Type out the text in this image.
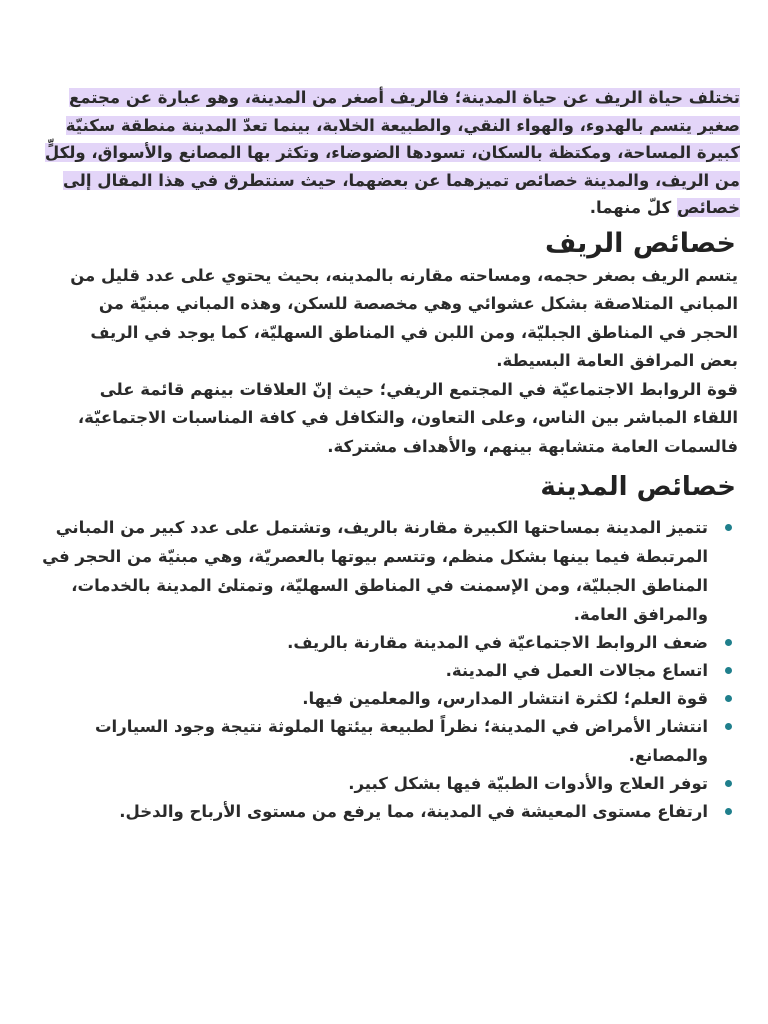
تختلف حياة الريف عن حياة المدينة؛ فالريف أصغر من المدينة، وهو عبارة عن مجتمع صغير يتسم بالهدوء، والهواء النقي، والطبيعة الخلابة، بينما تعدّ المدينة منطقة سكنيّة كبيرة المساحة، ومكتظة بالسكان، تسودها الضوضاء، وتكثر بها المصانع والأسواق، ولكلٍّ من الريف، والمدينة خصائص تميزهما عن بعضهما، حيث سنتطرق في هذا المقال إلى خصائص كلّ منهما.

خصائص الريف

يتسم الريف بصغر حجمه، ومساحته مقارنه بالمدينه، بحيث يحتوي على عدد قليل من المباني المتلاصقة بشكل عشوائي وهي مخصصة للسكن، وهذه المباني مبنيّة من الحجر في المناطق الجبليّة، ومن اللبن في المناطق السهليّة، كما يوجد في الريف بعض المرافق العامة البسيطة.

قوة الروابط الاجتماعيّة في المجتمع الريفي؛ حيث إنّ العلاقات بينهم قائمة على اللقاء المباشر بين الناس، وعلى التعاون، والتكافل في كافة المناسبات الاجتماعيّة، فالسمات العامة متشابهة بينهم، والأهداف مشتركة.

خصائص المدينة
تتميز المدينة بمساحتها الكبيرة مقارنة بالريف، وتشتمل على عدد كبير من المباني المرتبطة فيما بينها بشكل منظم، وتتسم بيوتها بالعصريّة، وهي مبنيّة من الحجر في المناطق الجبليّة، ومن الإسمنت في المناطق السهليّة، وتمتلئ المدينة بالخدمات، والمرافق العامة.
ضعف الروابط الاجتماعيّة في المدينة مقارنة بالريف.
اتساع مجالات العمل في المدينة.
قوة العلم؛ لكثرة انتشار المدارس، والمعلمين فيها.
انتشار الأمراض في المدينة؛ نظراً لطبيعة بيئتها الملوثة نتيجة وجود السيارات والمصانع.
توفر العلاج والأدوات الطبيّة فيها بشكل كبير.
ارتفاع مستوى المعيشة في المدينة، مما يرفع من مستوى الأرباح والدخل.
